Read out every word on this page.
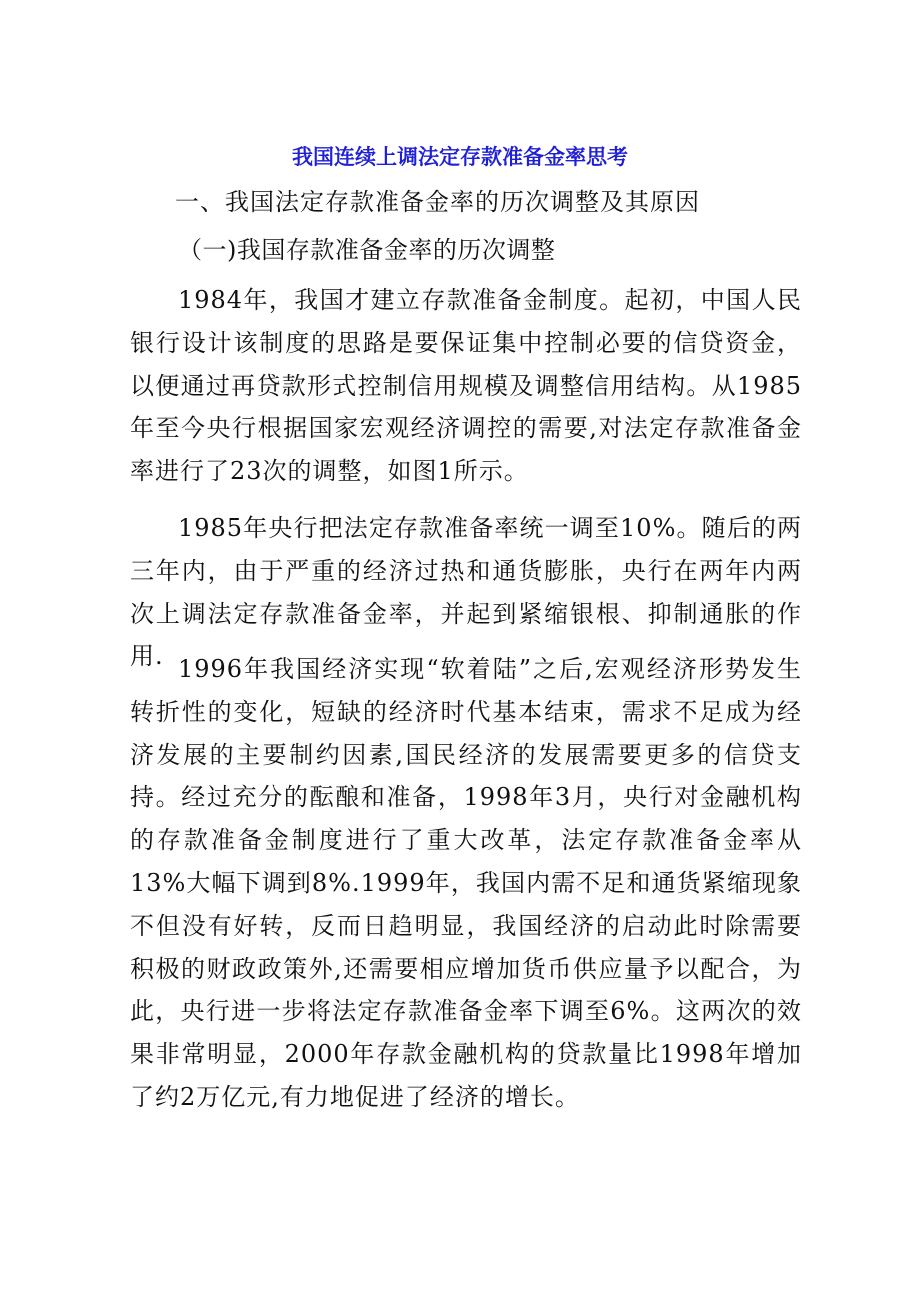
我国连续上调法定存款准备金率思考

一、我国法定存款准备金率的历次调整及其原因

（一)我国存款准备金率的历次调整

1984年，我国才建立存款准备金制度。起初，中国人民银行设计该制度的思路是要保证集中控制必要的信贷资金，以便通过再贷款形式控制信用规模及调整信用结构。从1985年至今央行根据国家宏观经济调控的需要,对法定存款准备金率进行了23次的调整，如图1所示。

1985年央行把法定存款准备率统一调至10%。随后的两三年内，由于严重的经济过热和通货膨胀，央行在两年内两次上调法定存款准备金率，并起到紧缩银根、抑制通胀的作用. 1996年我国经济实现“软着陆”之后,宏观经济形势发生转折性的变化，短缺的经济时代基本结束，需求不足成为经济发展的主要制约因素,国民经济的发展需要更多的信贷支持。经过充分的酝酿和准备，1998年3月，央行对金融机构的存款准备金制度进行了重大改革，法定存款准备金率从13%大幅下调到8%.1999年，我国内需不足和通货紧缩现象不但没有好转，反而日趋明显，我国经济的启动此时除需要积极的财政政策外,还需要相应增加货币供应量予以配合，为此，央行进一步将法定存款准备金率下调至6%。这两次的效果非常明显，2000年存款金融机构的贷款量比1998年增加了约2万亿元,有力地促进了经济的增长。
